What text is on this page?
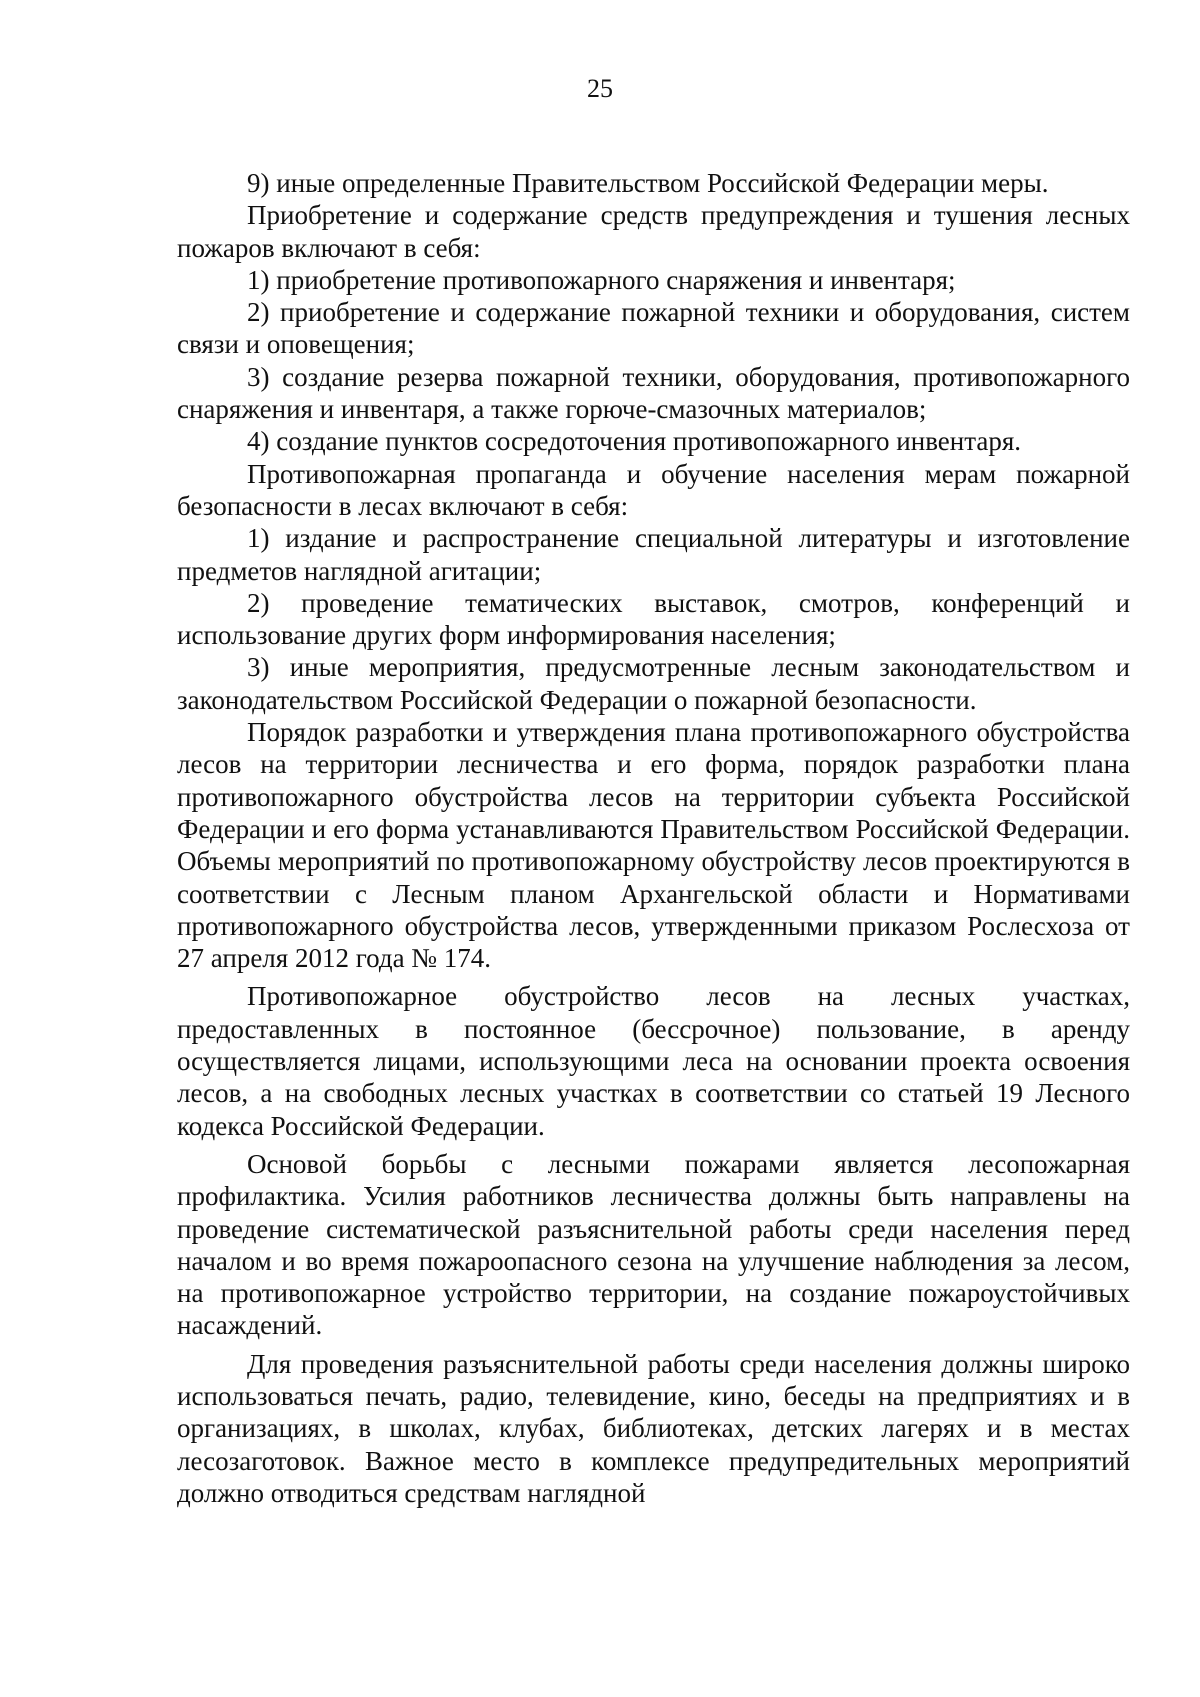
25

9) иные определенные Правительством Российской Федерации меры.

Приобретение и содержание средств предупреждения и тушения лесных пожаров включают в себя:

1) приобретение противопожарного снаряжения и инвентаря;

2) приобретение и содержание пожарной техники и оборудования, систем связи и оповещения;

3) создание резерва пожарной техники, оборудования, противопожарного снаряжения и инвентаря, а также горюче-смазочных материалов;

4) создание пунктов сосредоточения противопожарного инвентаря.

Противопожарная пропаганда и обучение населения мерам пожарной безопасности в лесах включают в себя:

1) издание и распространение специальной литературы и изготовление предметов наглядной агитации;

2) проведение тематических выставок, смотров, конференций и использование других форм информирования населения;

3) иные мероприятия, предусмотренные лесным законодательством и законодательством Российской Федерации о пожарной безопасности.

Порядок разработки и утверждения плана противопожарного обустройства лесов на территории лесничества и его форма, порядок разработки плана противопожарного обустройства лесов на территории субъекта Российской Федерации и его форма устанавливаются Правительством Российской Федерации. Объемы мероприятий по противопожарному обустройству лесов проектируются в соответствии с Лесным планом Архангельской области и Нормативами противопожарного обустройства лесов, утвержденными приказом Рослесхоза от 27 апреля 2012 года № 174.

Противопожарное обустройство лесов на лесных участках, предоставленных в постоянное (бессрочное) пользование, в аренду осуществляется лицами, использующими леса на основании проекта освоения лесов, а на свободных лесных участках в соответствии со статьей 19 Лесного кодекса Российской Федерации.

Основой борьбы с лесными пожарами является лесопожарная профилактика. Усилия работников лесничества должны быть направлены на проведение систематической разъяснительной работы среди населения перед началом и во время пожароопасного сезона на улучшение наблюдения за лесом, на противопожарное устройство территории, на создание пожароустойчивых насаждений.

Для проведения разъяснительной работы среди населения должны широко использоваться печать, радио, телевидение, кино, беседы на предприятиях и в организациях, в школах, клубах, библиотеках, детских лагерях и в местах лесозаготовок. Важное место в комплексе предупредительных мероприятий должно отводиться средствам наглядной
